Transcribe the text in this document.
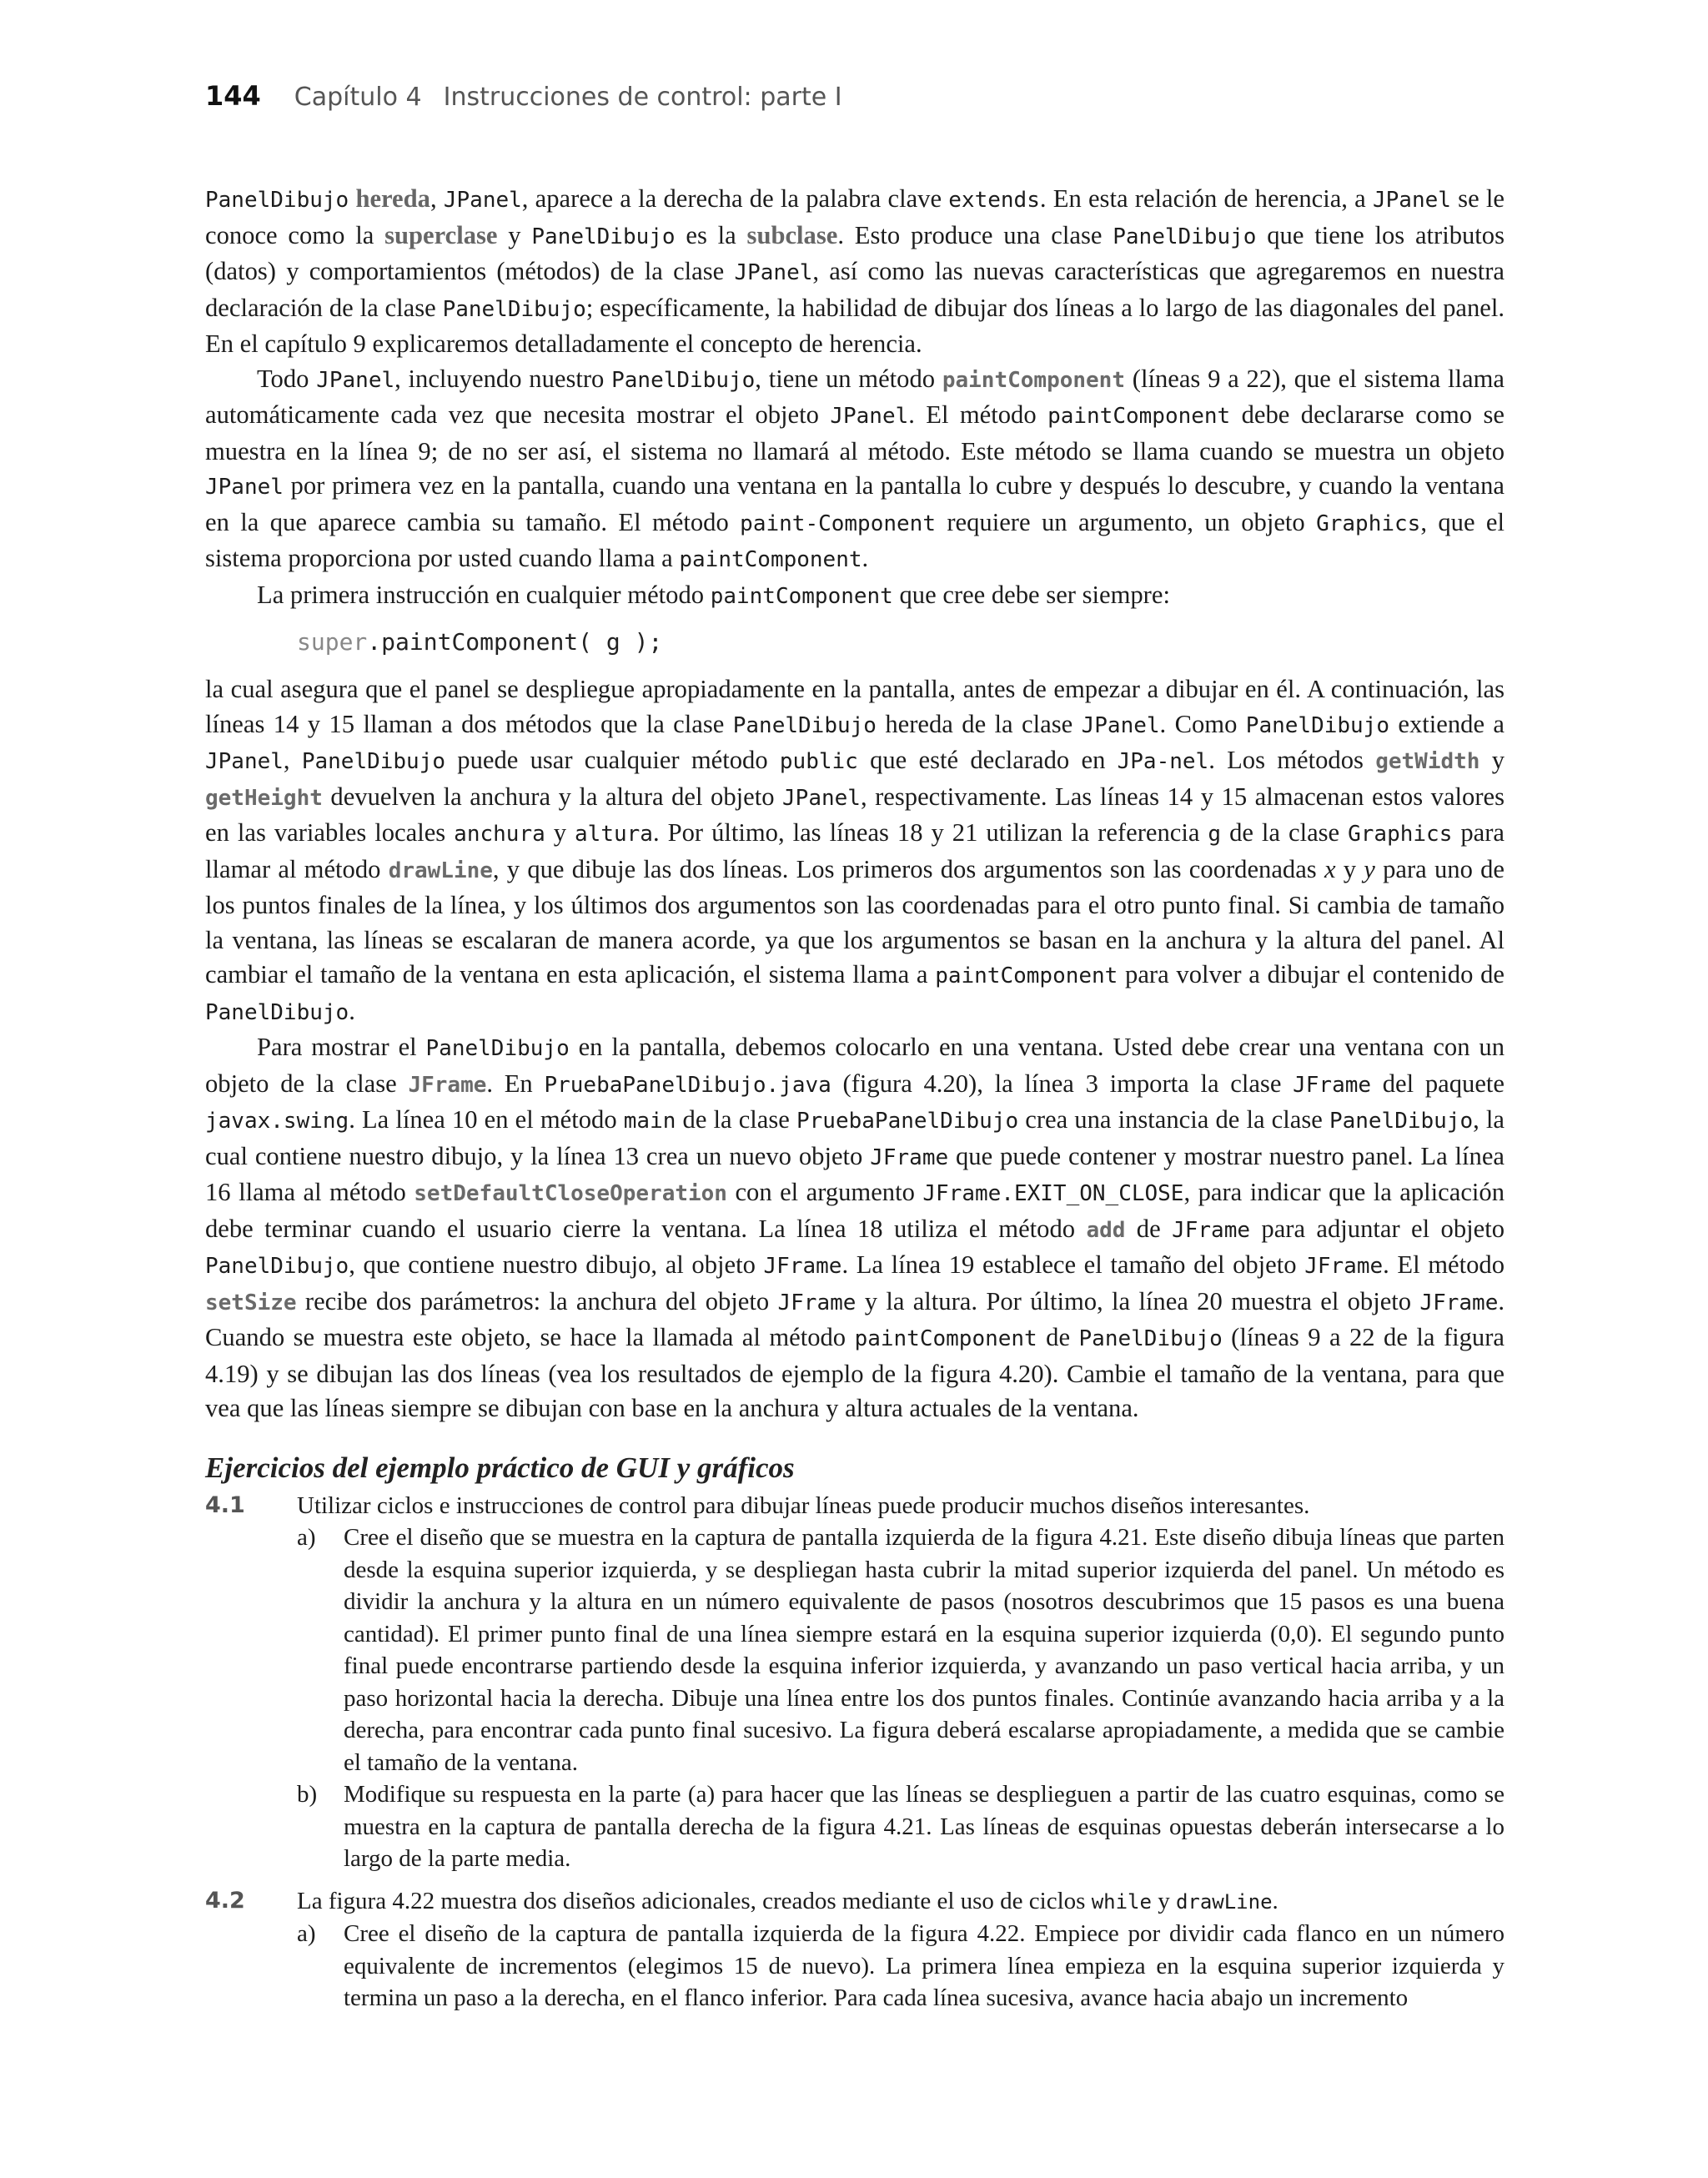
144 Capítulo 4 Instrucciones de control: parte I

PanelDibujo hereda, JPanel, aparece a la derecha de la palabra clave extends. En esta relación de herencia, a JPanel se le conoce como la superclase y PanelDibujo es la subclase. Esto produce una clase PanelDibujo que tiene los atributos (datos) y comportamientos (métodos) de la clase JPanel, así como las nuevas características que agregaremos en nuestra declaración de la clase PanelDibujo; específicamente, la habilidad de dibujar dos líneas a lo largo de las diagonales del panel. En el capítulo 9 explicaremos detalladamente el concepto de herencia.

Todo JPanel, incluyendo nuestro PanelDibujo, tiene un método paintComponent (líneas 9 a 22), que el sistema llama automáticamente cada vez que necesita mostrar el objeto JPanel. El método paintComponent debe declararse como se muestra en la línea 9; de no ser así, el sistema no llamará al método. Este método se llama cuando se muestra un objeto JPanel por primera vez en la pantalla, cuando una ventana en la pantalla lo cubre y después lo descubre, y cuando la ventana en la que aparece cambia su tamaño. El método paint-Component requiere un argumento, un objeto Graphics, que el sistema proporciona por usted cuando llama a paintComponent.

La primera instrucción en cualquier método paintComponent que cree debe ser siempre:

super.paintComponent( g );

la cual asegura que el panel se despliegue apropiadamente en la pantalla, antes de empezar a dibujar en él. A continuación, las líneas 14 y 15 llaman a dos métodos que la clase PanelDibujo hereda de la clase JPanel. Como PanelDibujo extiende a JPanel, PanelDibujo puede usar cualquier método public que esté declarado en JPa-nel. Los métodos getWidth y getHeight devuelven la anchura y la altura del objeto JPanel, respectivamente. Las líneas 14 y 15 almacenan estos valores en las variables locales anchura y altura. Por último, las líneas 18 y 21 utilizan la referencia g de la clase Graphics para llamar al método drawLine, y que dibuje las dos líneas. Los primeros dos argumentos son las coordenadas x y y para uno de los puntos finales de la línea, y los últimos dos argumentos son las coordenadas para el otro punto final. Si cambia de tamaño la ventana, las líneas se escalaran de manera acorde, ya que los argumentos se basan en la anchura y la altura del panel. Al cambiar el tamaño de la ventana en esta aplicación, el sistema llama a paintComponent para volver a dibujar el contenido de PanelDibujo.

Para mostrar el PanelDibujo en la pantalla, debemos colocarlo en una ventana. Usted debe crear una ventana con un objeto de la clase JFrame. En PruebaPanelDibujo.java (figura 4.20), la línea 3 importa la clase JFrame del paquete javax.swing. La línea 10 en el método main de la clase PruebaPanelDibujo crea una instancia de la clase PanelDibujo, la cual contiene nuestro dibujo, y la línea 13 crea un nuevo objeto JFrame que puede contener y mostrar nuestro panel. La línea 16 llama al método setDefaultCloseOperation con el argumento JFrame.EXIT_ON_CLOSE, para indicar que la aplicación debe terminar cuando el usuario cierre la ventana. La línea 18 utiliza el método add de JFrame para adjuntar el objeto PanelDibujo, que contiene nuestro dibujo, al objeto JFrame. La línea 19 establece el tamaño del objeto JFrame. El método setSize recibe dos parámetros: la anchura del objeto JFrame y la altura. Por último, la línea 20 muestra el objeto JFrame. Cuando se muestra este objeto, se hace la llamada al método paintComponent de PanelDibujo (líneas 9 a 22 de la figura 4.19) y se dibujan las dos líneas (vea los resultados de ejemplo de la figura 4.20). Cambie el tamaño de la ventana, para que vea que las líneas siempre se dibujan con base en la anchura y altura actuales de la ventana.

Ejercicios del ejemplo práctico de GUI y gráficos
4.1	Utilizar ciclos e instrucciones de control para dibujar líneas puede producir muchos diseños interesantes.
a)	Cree el diseño que se muestra en la captura de pantalla izquierda de la figura 4.21. Este diseño dibuja líneas que parten desde la esquina superior izquierda, y se despliegan hasta cubrir la mitad superior izquierda del panel. Un método es dividir la anchura y la altura en un número equivalente de pasos (nosotros descubrimos que 15 pasos es una buena cantidad). El primer punto final de una línea siempre estará en la esquina superior izquierda (0,0). El segundo punto final puede encontrarse partiendo desde la esquina inferior izquierda, y avanzando un paso vertical hacia arriba, y un paso horizontal hacia la derecha. Dibuje una línea entre los dos puntos finales. Continúe avanzando hacia arriba y a la derecha, para encontrar cada punto final sucesivo. La figura deberá escalarse apropiadamente, a medida que se cambie el tamaño de la ventana.
b)	Modifique su respuesta en la parte (a) para hacer que las líneas se desplieguen a partir de las cuatro esquinas, como se muestra en la captura de pantalla derecha de la figura 4.21. Las líneas de esquinas opuestas deberán intersecarse a lo largo de la parte media.
4.2	La figura 4.22 muestra dos diseños adicionales, creados mediante el uso de ciclos while y drawLine.
a)	Cree el diseño de la captura de pantalla izquierda de la figura 4.22. Empiece por dividir cada flanco en un número equivalente de incrementos (elegimos 15 de nuevo). La primera línea empieza en la esquina superior izquierda y termina un paso a la derecha, en el flanco inferior. Para cada línea sucesiva, avance hacia abajo un incremento
